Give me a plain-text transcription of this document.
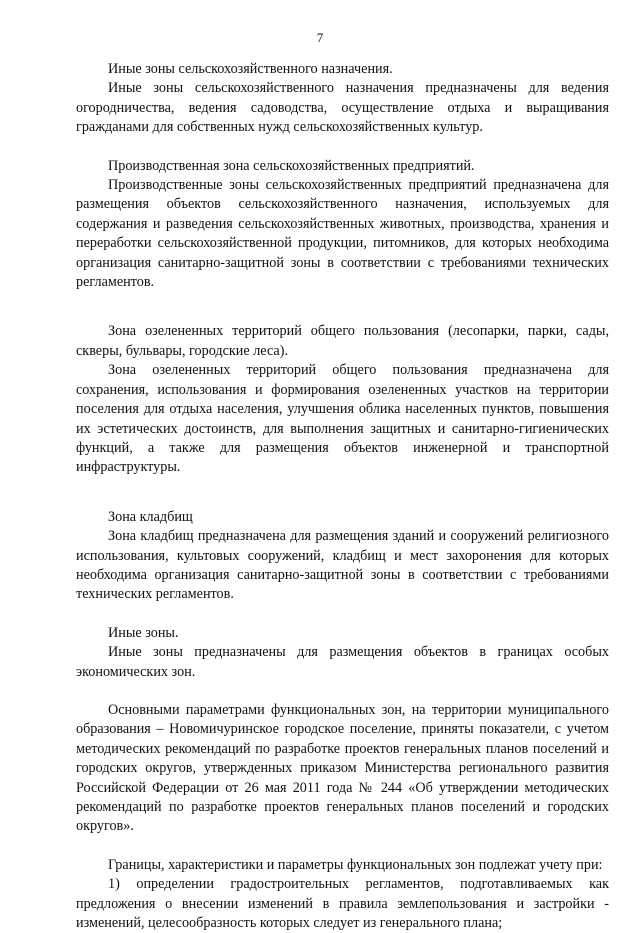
7

Иные зоны сельскохозяйственного назначения.

Иные зоны сельскохозяйственного назначения предназначены для ведения огородничества, ведения садоводства, осуществление отдыха и выращивания гражданами для собственных нужд сельскохозяйственных культур.

Производственная зона сельскохозяйственных предприятий.

Производственные зоны сельскохозяйственных предприятий предназначена для размещения объектов сельскохозяйственного назначения, используемых для содержания и разведения сельскохозяйственных животных, производства, хранения и переработки сельскохозяйственной продукции, питомников, для которых необходима организация санитарно-защитной зоны в соответствии с требованиями технических регламентов.

Зона озелененных территорий общего пользования (лесопарки, парки, сады, скверы, бульвары, городские леса).

Зона озелененных территорий общего пользования предназначена для сохранения, использования и формирования озелененных участков на территории поселения для отдыха населения, улучшения облика населенных пунктов, повышения их эстетических достоинств, для выполнения защитных и санитарно-гигиенических функций, а также для размещения объектов инженерной и транспортной инфраструктуры.

Зона кладбищ

Зона кладбищ предназначена для размещения зданий и сооружений религиозного использования, культовых сооружений, кладбищ и мест захоронения для которых необходима организация санитарно-защитной зоны в соответствии с требованиями технических регламентов.

Иные зоны.

Иные зоны предназначены для размещения объектов в границах особых экономических зон.

Основными параметрами функциональных зон, на территории муниципального образования – Новомичуринское городское поселение, приняты показатели, с учетом методических рекомендаций по разработке проектов генеральных планов поселений и городских округов, утвержденных приказом Министерства регионального развития Российской Федерации от 26 мая 2011 года № 244 «Об утверждении методических рекомендаций по разработке проектов генеральных планов поселений и городских округов».

Границы, характеристики и параметры функциональных зон подлежат учету при:

1) определении градостроительных регламентов, подготавливаемых как предложения о внесении изменений в правила землепользования и застройки - изменений, целесообразность которых следует из генерального плана;
